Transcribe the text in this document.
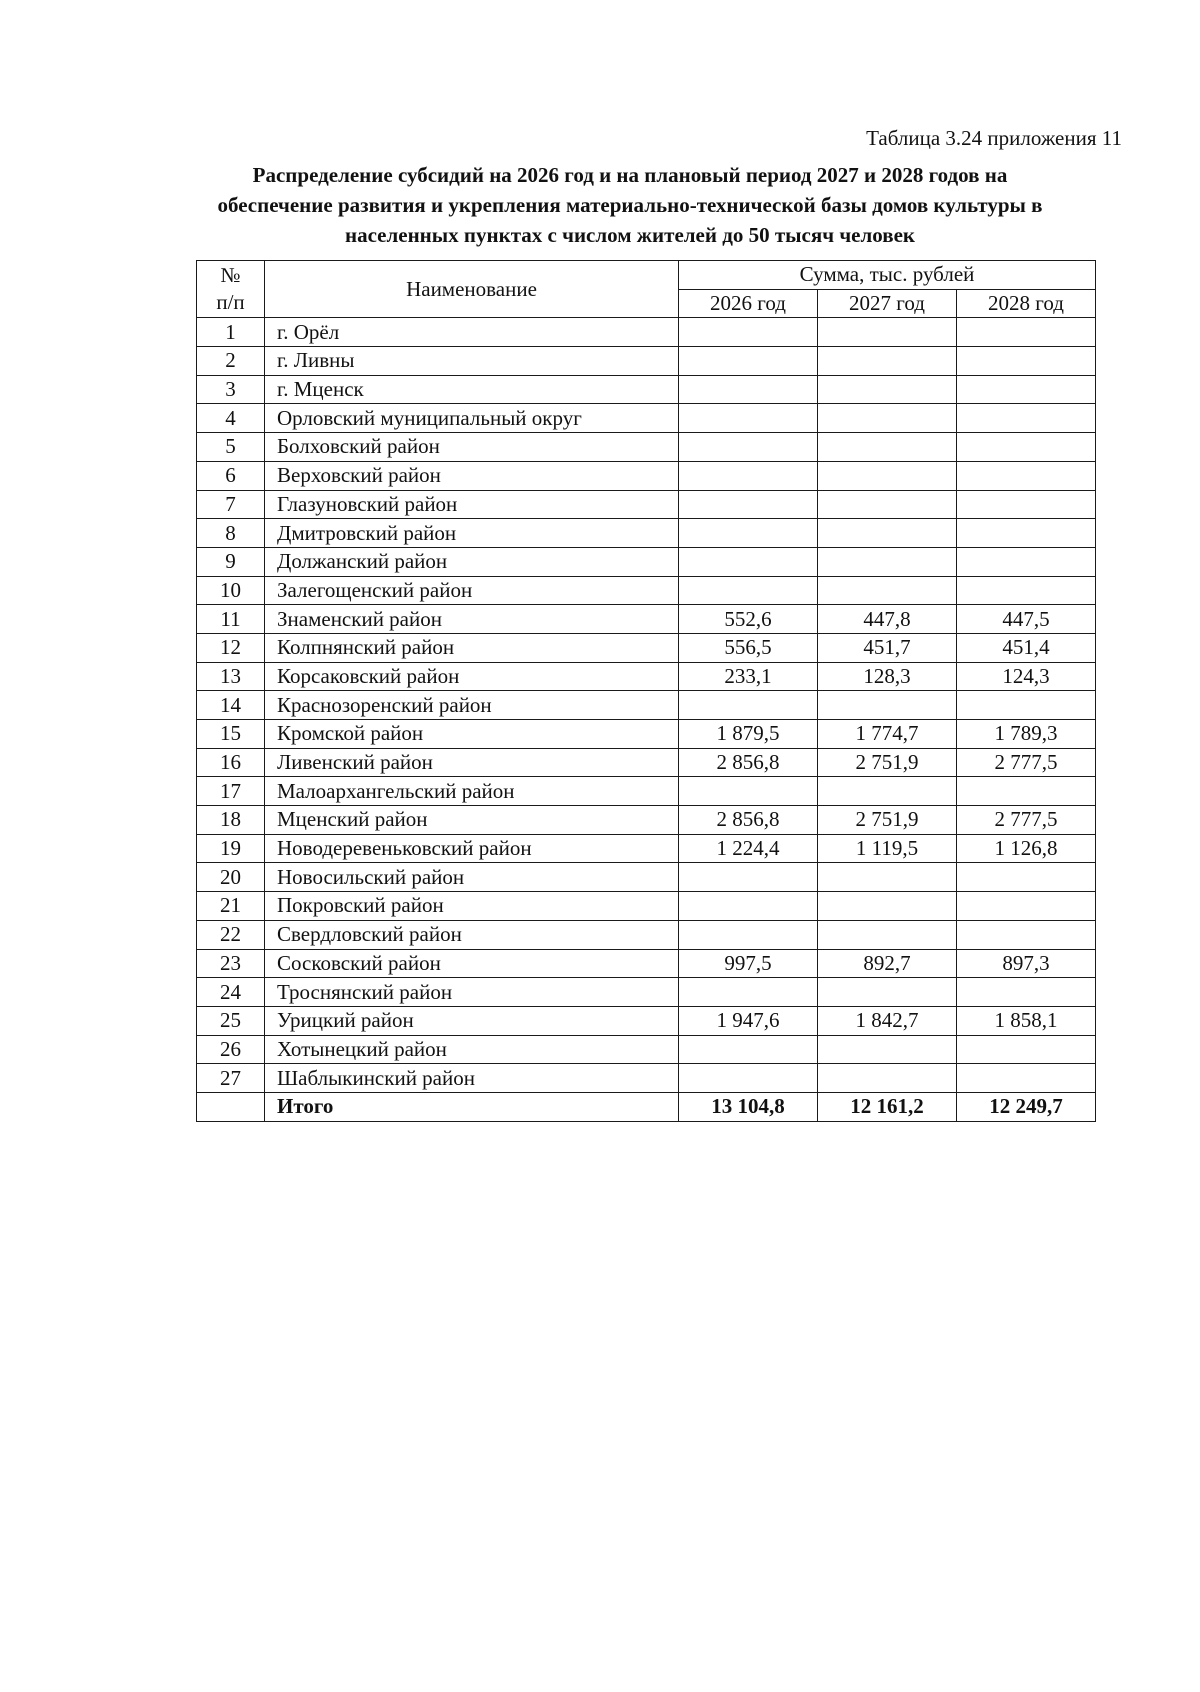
Таблица 3.24 приложения 11
Распределение субсидий на 2026 год и на плановый период 2027 и 2028 годов на
обеспечение развития и укрепления материально-технической базы домов культуры в
населенных пунктах с числом жителей до 50 тысяч человек
№
п/п	Наименование	Сумма, тыс. рублей		
		2026 год	2027 год	2028 год
1	г. Орёл			
2	г. Ливны			
3	г. Мценск			
4	Орловский муниципальный округ			
5	Болховский район			
6	Верховский район			
7	Глазуновский район			
8	Дмитровский район			
9	Должанский район			
10	Залегощенский район			
11	Знаменский район	552,6	447,8	447,5
12	Колпнянский район	556,5	451,7	451,4
13	Корсаковский район	233,1	128,3	124,3
14	Краснозоренский район			
15	Кромской район	1 879,5	1 774,7	1 789,3
16	Ливенский район	2 856,8	2 751,9	2 777,5
17	Малоархангельский район			
18	Мценский район	2 856,8	2 751,9	2 777,5
19	Новодеревеньковский район	1 224,4	1 119,5	1 126,8
20	Новосильский район			
21	Покровский район			
22	Свердловский район			
23	Сосковский район	997,5	892,7	897,3
24	Троснянский район			
25	Урицкий район	1 947,6	1 842,7	1 858,1
26	Хотынецкий район			
27	Шаблыкинский район			
	Итого	13 104,8	12 161,2	12 249,7
